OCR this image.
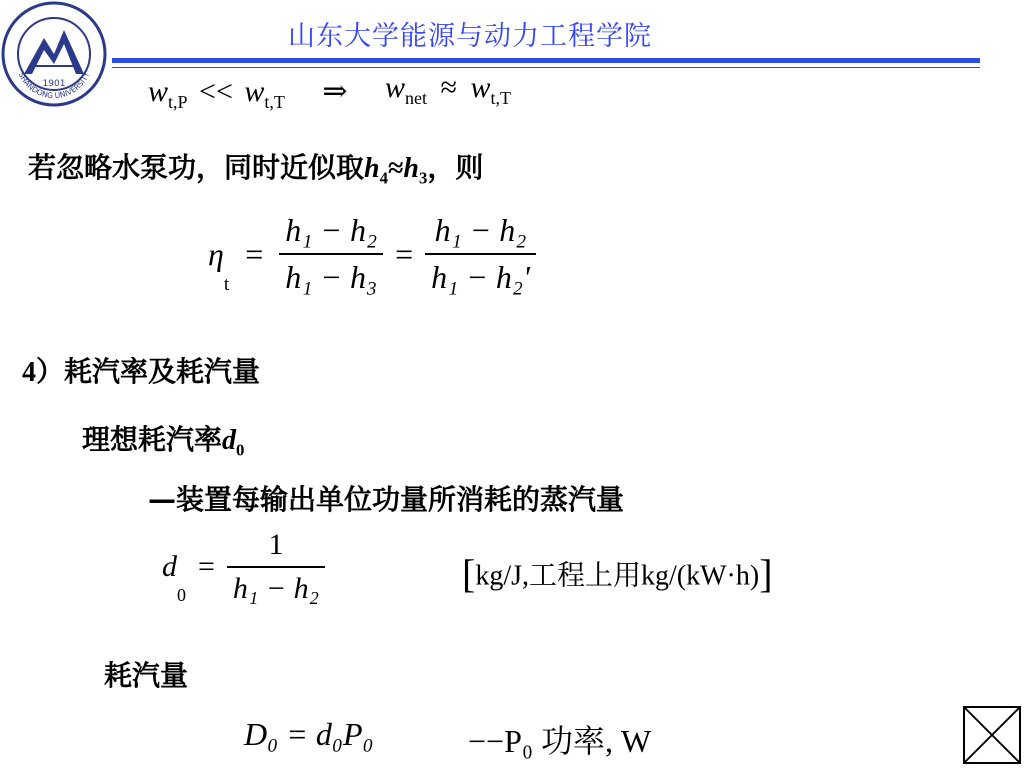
1901
SHANDONG UNIVERSITY
山东大学能源与动力工程学院
$w_{t,P} << w_{t,T}$ ⇒ $w_{net} \approx w_{t,T}$
若忽略水泵功，同时近似取$h_4\approx h_3$，则
η
t
= $\frac{\text{h₁ − h₂}}{\text{h₁ − h₃}} = \frac{\text{h₁ − h₂}}{\text{h₁ − h₂'}}$
4）耗汽率及耗汽量
理想耗汽率$d_0$
—装置每输出单位功量所消耗的蒸汽量
d
0
= $\frac{1}{\text{h₁ − h₂}}$	[kg/J,工程上用kg/(kW·h)]
耗汽量
D₀ = d₀P₀	−−P₀ 功率, W
